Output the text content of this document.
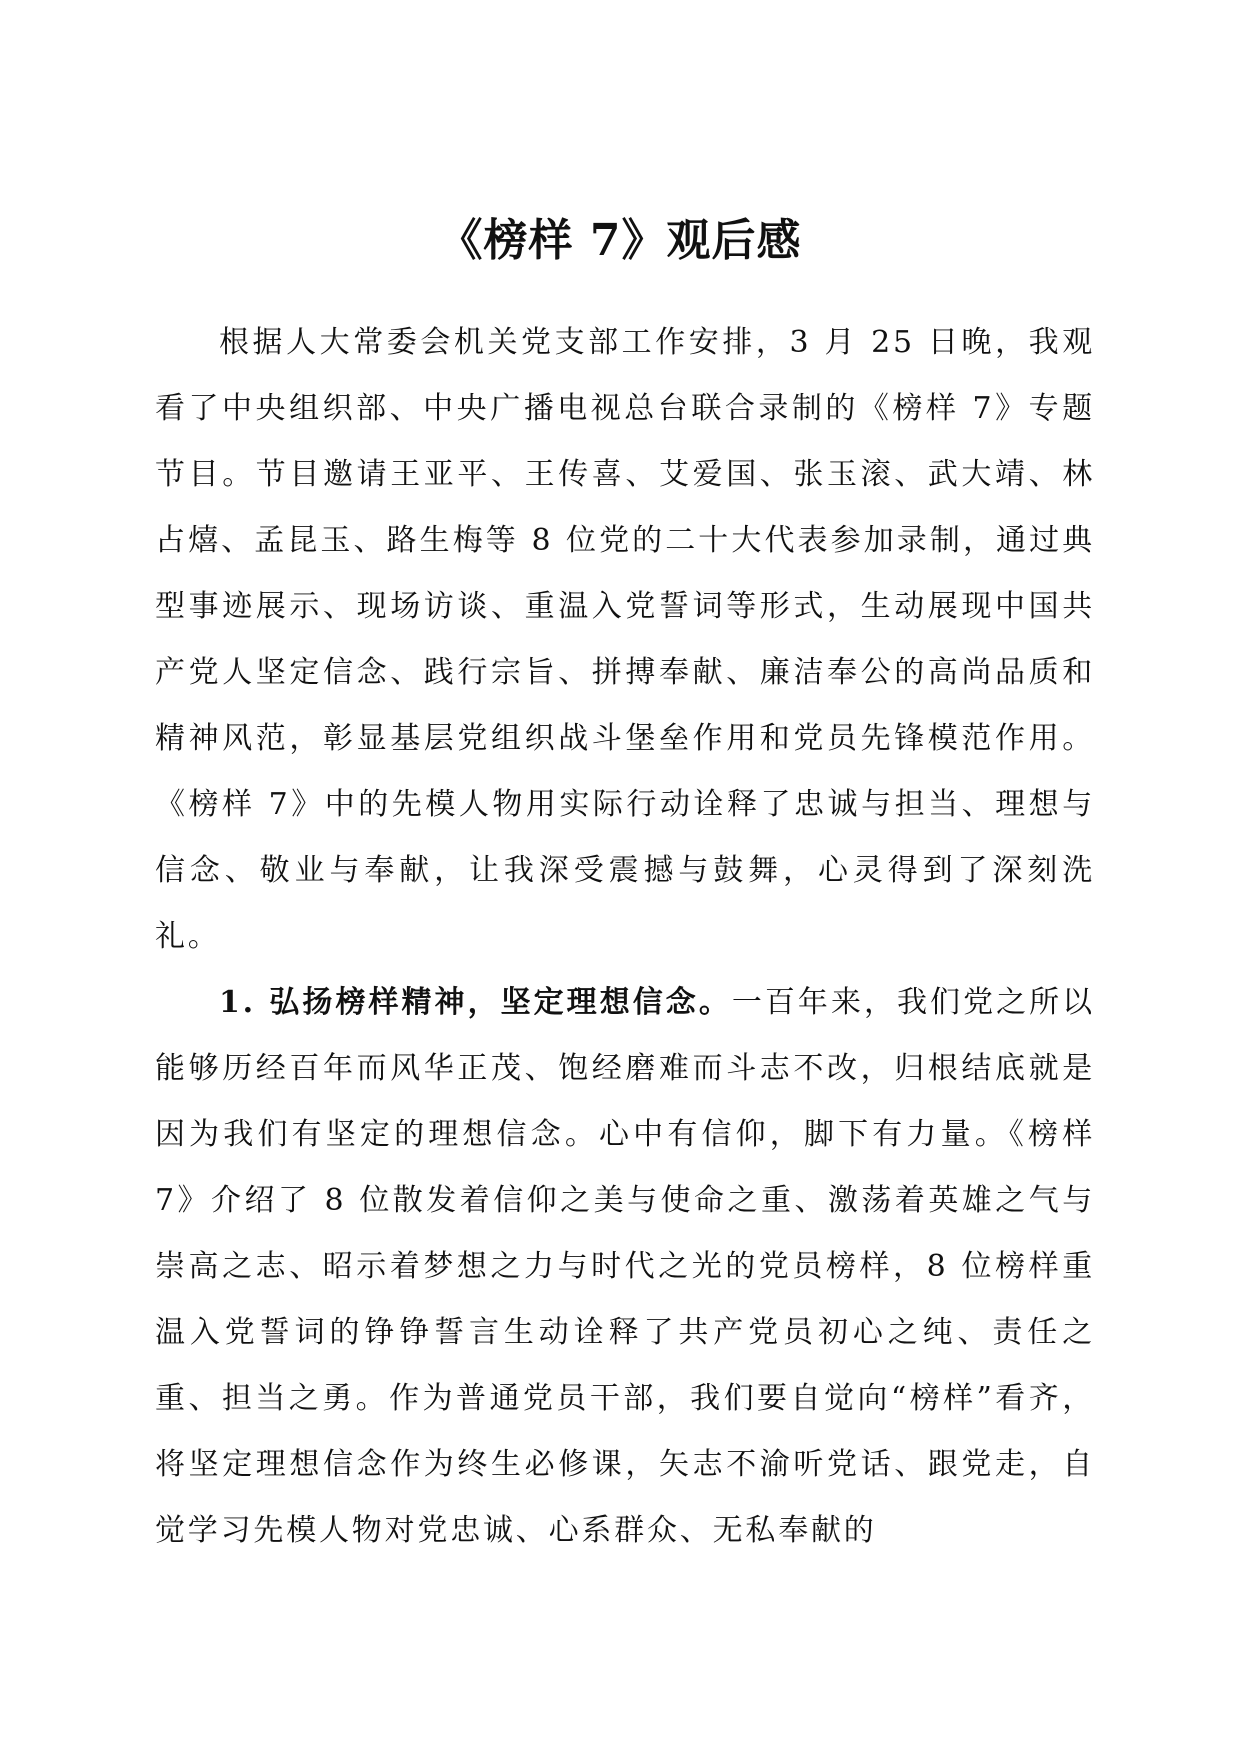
《榜样 7》观后感

根据人大常委会机关党支部工作安排，3 月 25 日晚，我观看了中央组织部、中央广播电视总台联合录制的《榜样 7》专题节目。节目邀请王亚平、王传喜、艾爱国、张玉滚、武大靖、林占熺、孟昆玉、路生梅等 8 位党的二十大代表参加录制，通过典型事迹展示、现场访谈、重温入党誓词等形式，生动展现中国共产党人坚定信念、践行宗旨、拼搏奉献、廉洁奉公的高尚品质和精神风范，彰显基层党组织战斗堡垒作用和党员先锋模范作用。《榜样 7》中的先模人物用实际行动诠释了忠诚与担当、理想与信念、敬业与奉献，让我深受震撼与鼓舞，心灵得到了深刻洗礼。

1. 弘扬榜样精神，坚定理想信念。一百年来，我们党之所以能够历经百年而风华正茂、饱经磨难而斗志不改，归根结底就是因为我们有坚定的理想信念。心中有信仰，脚下有力量。《榜样 7》介绍了 8 位散发着信仰之美与使命之重、激荡着英雄之气与崇高之志、昭示着梦想之力与时代之光的党员榜样，8 位榜样重温入党誓词的铮铮誓言生动诠释了共产党员初心之纯、责任之重、担当之勇。作为普通党员干部，我们要自觉向“榜样”看齐，将坚定理想信念作为终生必修课，矢志不渝听党话、跟党走，自觉学习先模人物对党忠诚、心系群众、无私奉献的
